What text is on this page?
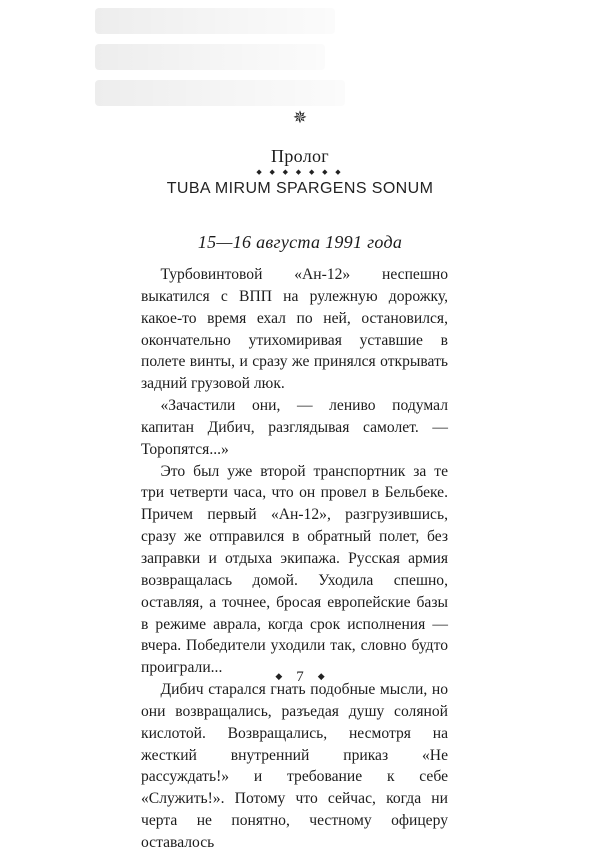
✵
Пролог
◆ ◆ ◆ ◆ ◆ ◆ ◆
TUBA MIRUM SPARGENS SONUM
15—16 августа 1991 года

Турбовинтовой «Ан-12» неспешно выкатился с ВПП на рулежную дорожку, какое-то время ехал по ней, остановился, окончательно утихомиривая уставшие в полете винты, и сразу же принялся открывать задний грузовой люк.

«Зачастили они, — лениво подумал капитан Дибич, разглядывая самолет. — Торопятся...»

Это был уже второй транспортник за те три четверти часа, что он провел в Бельбеке. Причем первый «Ан-12», разгрузившись, сразу же отправился в обратный полет, без заправки и отдыха экипажа. Русская армия возвращалась домой. Уходила спешно, оставляя, а точнее, бросая европейские базы в режиме аврала, когда срок исполнения — вчера. Победители уходили так, словно будто проиграли...

Дибич старался гнать подобные мысли, но они возвращались, разъедая душу соляной кислотой. Возвращались, несмотря на жесткий внутренний приказ «Не рассуждать!» и требование к себе «Служить!». Потому что сейчас, когда ни черта не понятно, честному офицеру оставалось

◆ 7 ◆
